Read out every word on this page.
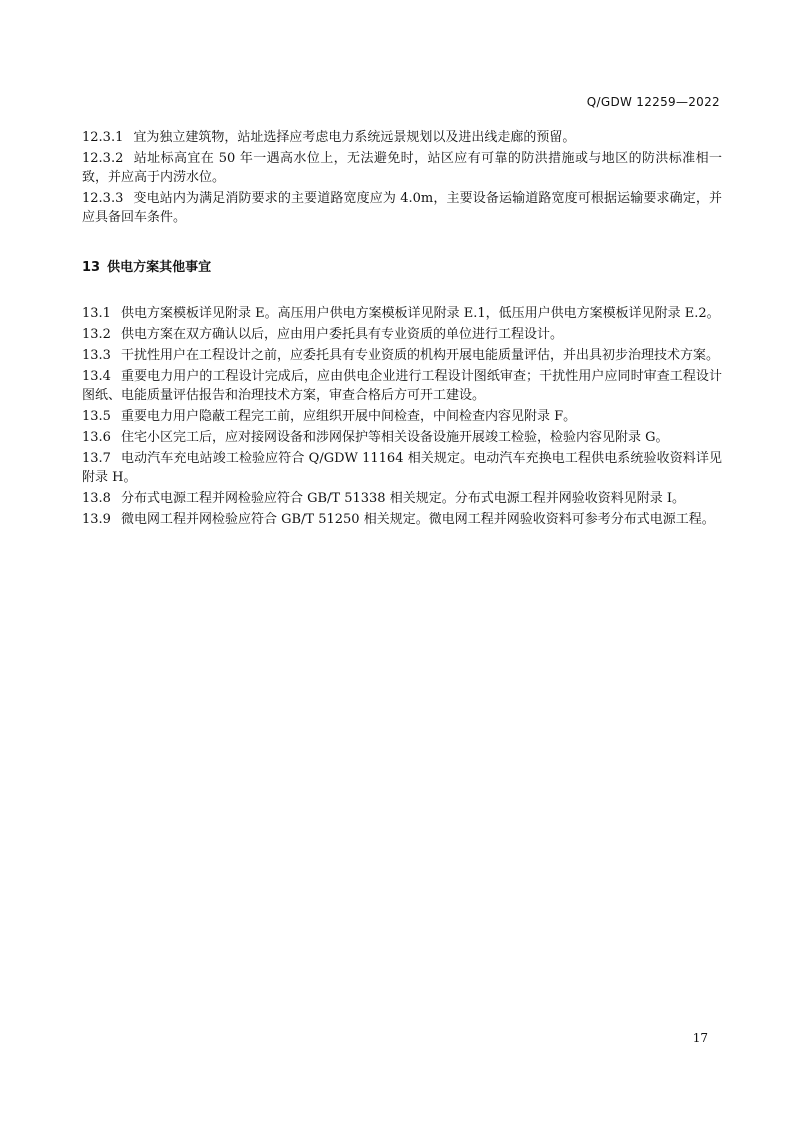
Q/GDW 12259—2022

12.3.1 宜为独立建筑物，站址选择应考虑电力系统远景规划以及进出线走廊的预留。

12.3.2 站址标高宜在 50 年一遇高水位上，无法避免时，站区应有可靠的防洪措施或与地区的防洪标准相一致，并应高于内涝水位。

12.3.3 变电站内为满足消防要求的主要道路宽度应为 4.0m，主要设备运输道路宽度可根据运输要求确定，并应具备回车条件。

13 供电方案其他事宜

13.1 供电方案模板详见附录 E。高压用户供电方案模板详见附录 E.1，低压用户供电方案模板详见附录 E.2。

13.2 供电方案在双方确认以后，应由用户委托具有专业资质的单位进行工程设计。

13.3 干扰性用户在工程设计之前，应委托具有专业资质的机构开展电能质量评估，并出具初步治理技术方案。

13.4 重要电力用户的工程设计完成后，应由供电企业进行工程设计图纸审查；干扰性用户应同时审查工程设计图纸、电能质量评估报告和治理技术方案，审查合格后方可开工建设。

13.5 重要电力用户隐蔽工程完工前，应组织开展中间检查，中间检查内容见附录 F。

13.6 住宅小区完工后，应对接网设备和涉网保护等相关设备设施开展竣工检验，检验内容见附录 G。

13.7 电动汽车充电站竣工检验应符合 Q/GDW 11164 相关规定。电动汽车充换电工程供电系统验收资料详见附录 H。

13.8 分布式电源工程并网检验应符合 GB/T 51338 相关规定。分布式电源工程并网验收资料见附录 I。

13.9 微电网工程并网检验应符合 GB/T 51250 相关规定。微电网工程并网验收资料可参考分布式电源工程。

17
